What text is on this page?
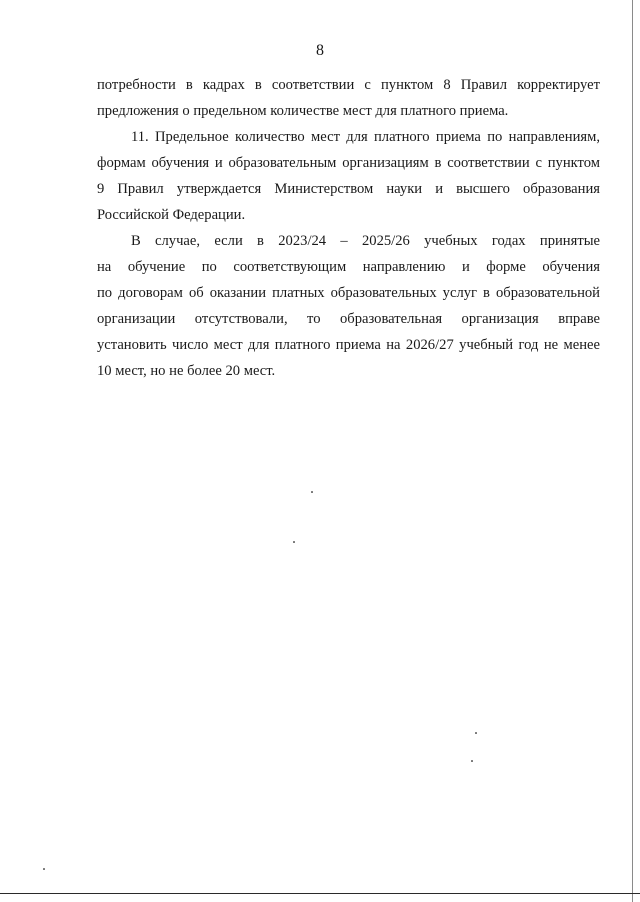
8
потребности в кадрах в соответствии с пунктом 8 Правил корректирует
предложения о предельном количестве мест для платного приема.
11. Предельное количество мест для платного приема по направлениям,
формам обучения и образовательным организациям в соответствии с пунктом
9 Правил утверждается Министерством науки и высшего образования
Российской Федерации.
В случае, если в 2023/24 – 2025/26 учебных годах принятые
на обучение по соответствующим направлению и форме обучения
по договорам об оказании платных образовательных услуг в образовательной
организации отсутствовали, то образовательная организация вправе
установить число мест для платного приема на 2026/27 учебный год не менее
10 мест, но не более 20 мест.
